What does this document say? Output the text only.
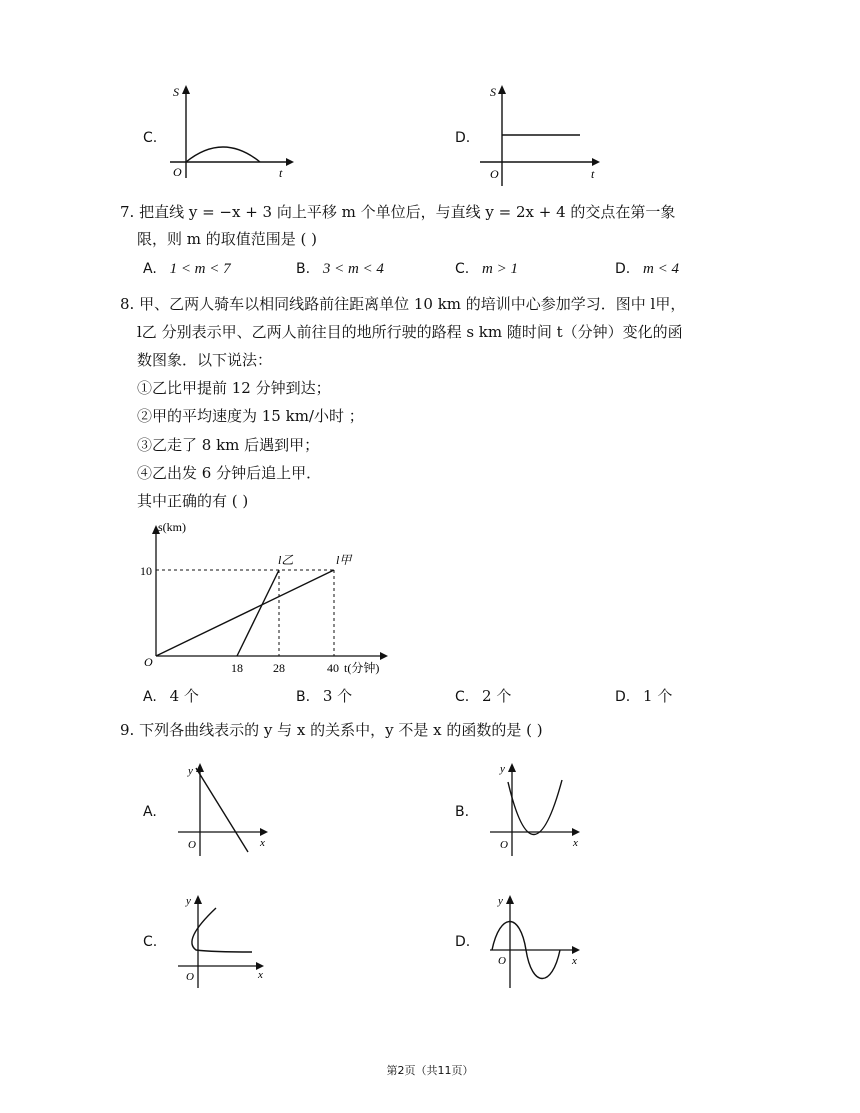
C.
S
t
O
D.
S
t
O
7. 把直线 y = −x + 3 向上平移 m 个单位后，与直线 y = 2x + 4 的交点在第一象
限，则 m 的取值范围是 ( )
A. 1 < m < 7	B. 3 < m < 4	C. m > 1	D. m < 4
8. 甲、乙两人骑车以相同线路前往距离单位 10 km 的培训中心参加学习．图中 l甲，
l乙 分别表示甲、乙两人前往目的地所行驶的路程 s km 随时间 t（分钟）变化的函
数图象．以下说法：
①乙比甲提前 12 分钟到达；
②甲的平均速度为 15 km/小时 ；
③乙走了 8 km 后遇到甲；
④乙出发 6 分钟后追上甲．
其中正确的有 ( )
s(km)
t(分钟)
O
10
18	28	40
l乙	l甲
A. 4 个	B. 3 个	C. 2 个	D. 1 个
9. 下列各曲线表示的 y 与 x 的关系中，y 不是 x 的函数的是 ( )
A.
y
x
O
B.
y
x
O
C.
y
x
O
D.
y
x
O
第2页（共11页）
